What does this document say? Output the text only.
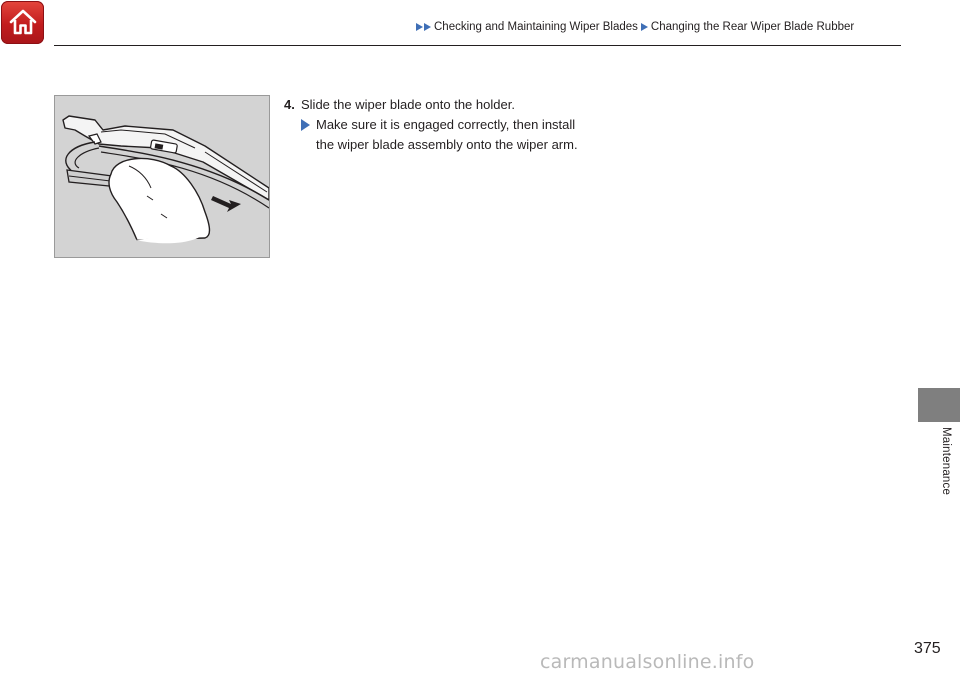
Checking and Maintaining Wiper Blades Changing the Rear Wiper Blade Rubber
4. Slide the wiper blade onto the holder.
Make sure it is engaged correctly, then install the wiper blade assembly onto the wiper arm.
Maintenance
375
carmanualsonline.info
